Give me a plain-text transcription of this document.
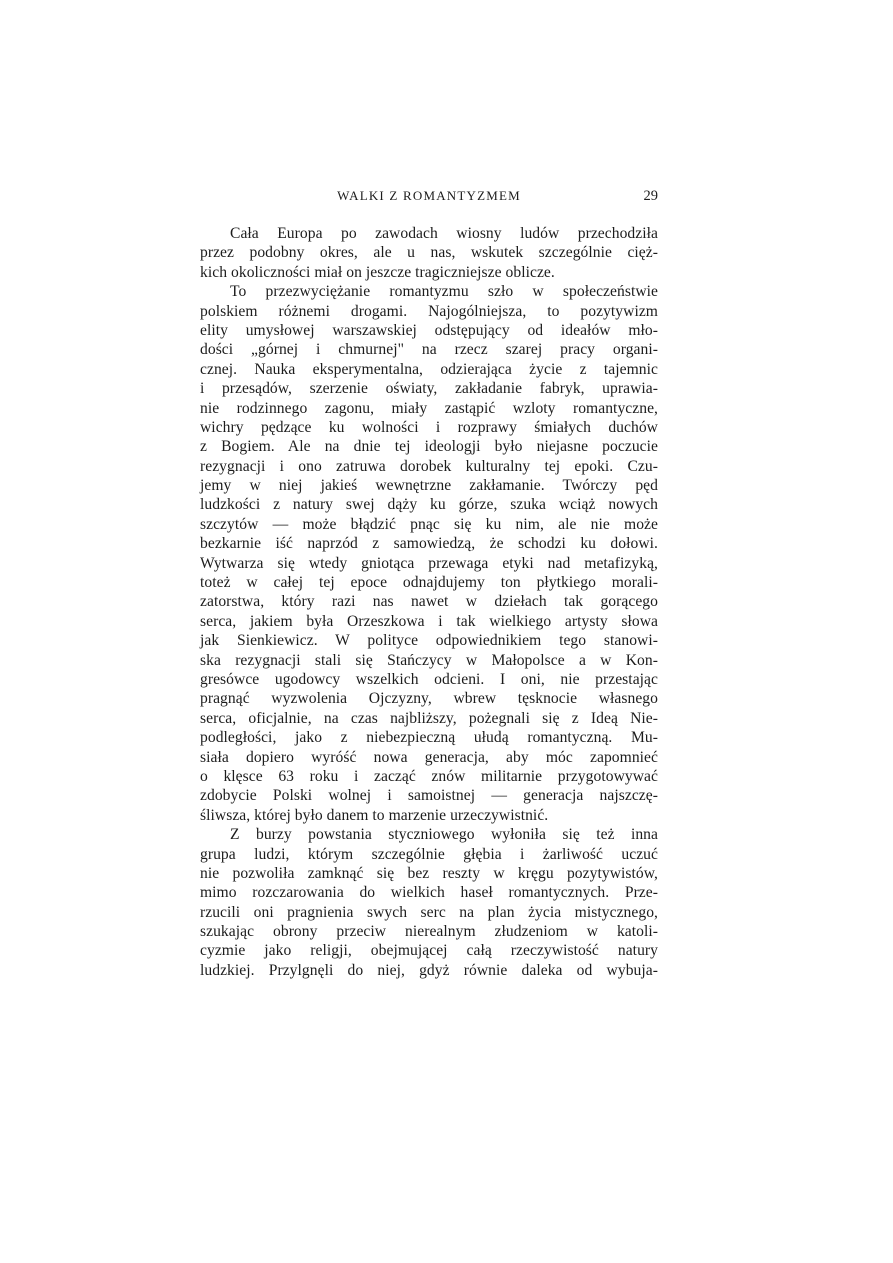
WALKI Z ROMANTYZMEM	29
Cała Europa po zawodach wiosny ludów przechodziła
przez podobny okres, ale u nas, wskutek szczególnie cięż-
kich okoliczności miał on jeszcze tragiczniejsze oblicze.
To przezwyciężanie romantyzmu szło w społeczeństwie
polskiem różnemi drogami. Najogólniejsza, to pozytywizm
elity umysłowej warszawskiej odstępujący od ideałów mło-
dości „górnej i chmurnej" na rzecz szarej pracy organi-
cznej. Nauka eksperymentalna, odzierająca życie z tajemnic
i przesądów, szerzenie oświaty, zakładanie fabryk, uprawia-
nie rodzinnego zagonu, miały zastąpić wzloty romantyczne,
wichry pędzące ku wolności i rozprawy śmiałych duchów
z Bogiem. Ale na dnie tej ideologji było niejasne poczucie
rezygnacji i ono zatruwa dorobek kulturalny tej epoki. Czu-
jemy w niej jakieś wewnętrzne zakłamanie. Twórczy pęd
ludzkości z natury swej dąży ku górze, szuka wciąż nowych
szczytów — może błądzić pnąc się ku nim, ale nie może
bezkarnie iść naprzód z samowiedzą, że schodzi ku dołowi.
Wytwarza się wtedy gniotąca przewaga etyki nad metafizyką,
toteż w całej tej epoce odnajdujemy ton płytkiego morali-
zatorstwa, który razi nas nawet w dziełach tak gorącego
serca, jakiem była Orzeszkowa i tak wielkiego artysty słowa
jak Sienkiewicz. W polityce odpowiednikiem tego stanowi-
ska rezygnacji stali się Stańczycy w Małopolsce a w Kon-
gresówce ugodowcy wszelkich odcieni. I oni, nie przestając
pragnąć wyzwolenia Ojczyzny, wbrew tęsknocie własnego
serca, oficjalnie, na czas najbliższy, pożegnali się z Ideą Nie-
podległości, jako z niebezpieczną ułudą romantyczną. Mu-
siała dopiero wyróść nowa generacja, aby móc zapomnieć
o klęsce 63 roku i zacząć znów militarnie przygotowywać
zdobycie Polski wolnej i samoistnej — generacja najszczę-
śliwsza, której było danem to marzenie urzeczywistnić.
Z burzy powstania styczniowego wyłoniła się też inna
grupa ludzi, którym szczególnie głębia i żarliwość uczuć
nie pozwoliła zamknąć się bez reszty w kręgu pozytywistów,
mimo rozczarowania do wielkich haseł romantycznych. Prze-
rzucili oni pragnienia swych serc na plan życia mistycznego,
szukając obrony przeciw nierealnym złudzeniom w katoli-
cyzmie jako religji, obejmującej całą rzeczywistość natury
ludzkiej. Przylgnęli do niej, gdyż równie daleka od wybuja-
